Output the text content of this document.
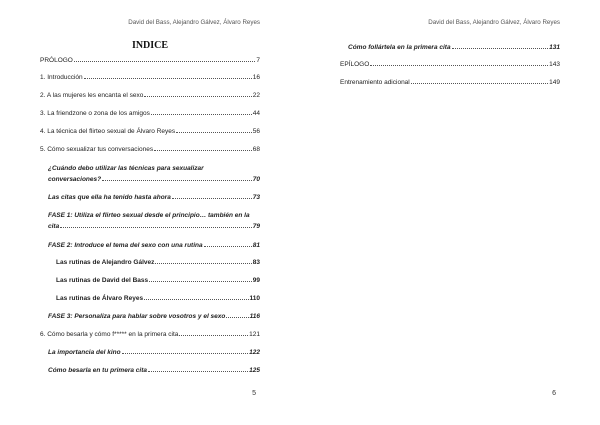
David del Bass, Alejandro Gálvez, Álvaro Reyes
INDICE
PRÓLOGO	7
1. Introducción	16
2. A las mujeres les encanta el sexo	22
3. La friendzone o zona de los amigos	44
4. La técnica del flirteo sexual de Álvaro Reyes	56
5. Cómo sexualizar tus conversaciones	68
¿Cuándo debo utilizar las técnicas para sexualizar
conversaciones?	70
Las citas que ella ha tenido hasta ahora	73
FASE 1: Utiliza el flirteo sexual desde el principio… también en la
cita	79
FASE 2: Introduce el tema del sexo con una rutina	81
Las rutinas de Alejandro Gálvez	83
Las rutinas de David del Bass	99
Las rutinas de Álvaro Reyes	110
FASE 3: Personaliza para hablar sobre vosotros y el sexo	116
6. Cómo besarla y cómo f***** en la primera cita	121
La importancia del kino	122
Cómo besarla en tu primera cita	125
5
David del Bass, Alejandro Gálvez, Álvaro Reyes
Cómo follártela en la primera cita	131
EPÍLOGO	143
Entrenamiento adicional	149
6
